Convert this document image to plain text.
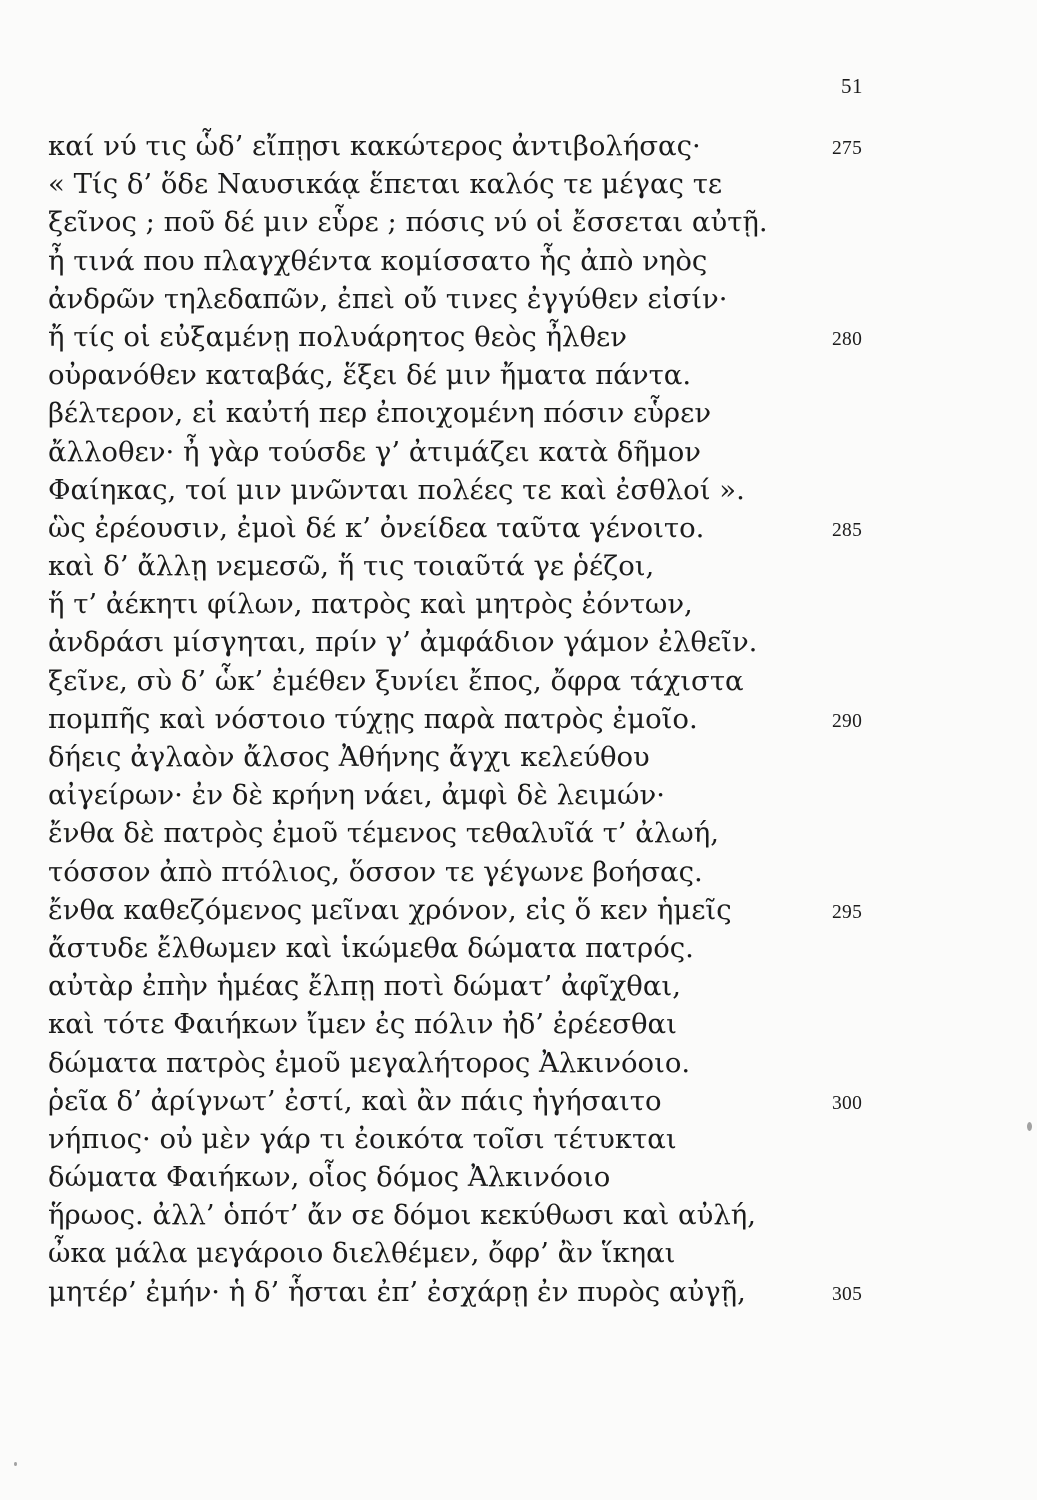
51
καί νύ τις ὧδ’ εἴπῃσι κακώτερος ἀντιβολήσας·	275
« Τίς δ’ ὅδε Ναυσικάᾳ ἕπεται καλός τε μέγας τε
ξεῖνος ; ποῦ δέ μιν εὗρε ; πόσις νύ οἱ ἔσσεται αὐτῇ.
ἦ τινά που πλαγχθέντα κομίσσατο ἧς ἀπὸ νηὸς
ἀνδρῶν τηλεδαπῶν, ἐπεὶ οὔ τινες ἐγγύθεν εἰσίν·
ἤ τίς οἱ εὐξαμένῃ πολυάρητος θεὸς ἦλθεν	280
οὐρανόθεν καταβάς, ἕξει δέ μιν ἤματα πάντα.
βέλτερον, εἰ καὐτή περ ἐποιχομένη πόσιν εὗρεν
ἄλλοθεν· ἦ γὰρ τούσδε γ’ ἀτιμάζει κατὰ δῆμον
Φαίηκας, τοί μιν μνῶνται πολέες τε καὶ ἐσθλοί ».
ὣς ἐρέουσιν, ἐμοὶ δέ κ’ ὀνείδεα ταῦτα γένοιτο.	285
καὶ δ’ ἄλλῃ νεμεσῶ, ἥ τις τοιαῦτά γε ῥέζοι,
ἥ τ’ ἀέκητι φίλων, πατρὸς καὶ μητρὸς ἐόντων,
ἀνδράσι μίσγηται, πρίν γ’ ἀμφάδιον γάμον ἐλθεῖν.
ξεῖνε, σὺ δ’ ὧκ’ ἐμέθεν ξυνίει ἔπος, ὄφρα τάχιστα
πομπῆς καὶ νόστοιο τύχῃς παρὰ πατρὸς ἐμοῖο.	290
δήεις ἀγλαὸν ἄλσος Ἀθήνης ἄγχι κελεύθου
αἰγείρων· ἐν δὲ κρήνη νάει, ἀμφὶ δὲ λειμών·
ἔνθα δὲ πατρὸς ἐμοῦ τέμενος τεθαλυῖά τ’ ἀλωή,
τόσσον ἀπὸ πτόλιος, ὅσσον τε γέγωνε βοήσας.
ἔνθα καθεζόμενος μεῖναι χρόνον, εἰς ὅ κεν ἡμεῖς	295
ἄστυδε ἔλθωμεν καὶ ἱκώμεθα δώματα πατρός.
αὐτὰρ ἐπὴν ἡμέας ἔλπῃ ποτὶ δώματ’ ἀφῖχθαι,
καὶ τότε Φαιήκων ἴμεν ἐς πόλιν ἠδ’ ἐρέεσθαι
δώματα πατρὸς ἐμοῦ μεγαλήτορος Ἀλκινόοιο.
ῥεῖα δ’ ἀρίγνωτ’ ἐστί, καὶ ἂν πάις ἡγήσαιτο	300
νήπιος· οὐ μὲν γάρ τι ἐοικότα τοῖσι τέτυκται
δώματα Φαιήκων, οἷος δόμος Ἀλκινόοιο
ἥρωος. ἀλλ’ ὁπότ’ ἄν σε δόμοι κεκύθωσι καὶ αὐλή,
ὦκα μάλα μεγάροιο διελθέμεν, ὄφρ’ ἂν ἵκηαι
μητέρ’ ἐμήν· ἡ δ’ ἧσται ἐπ’ ἐσχάρῃ ἐν πυρὸς αὐγῇ,	305
